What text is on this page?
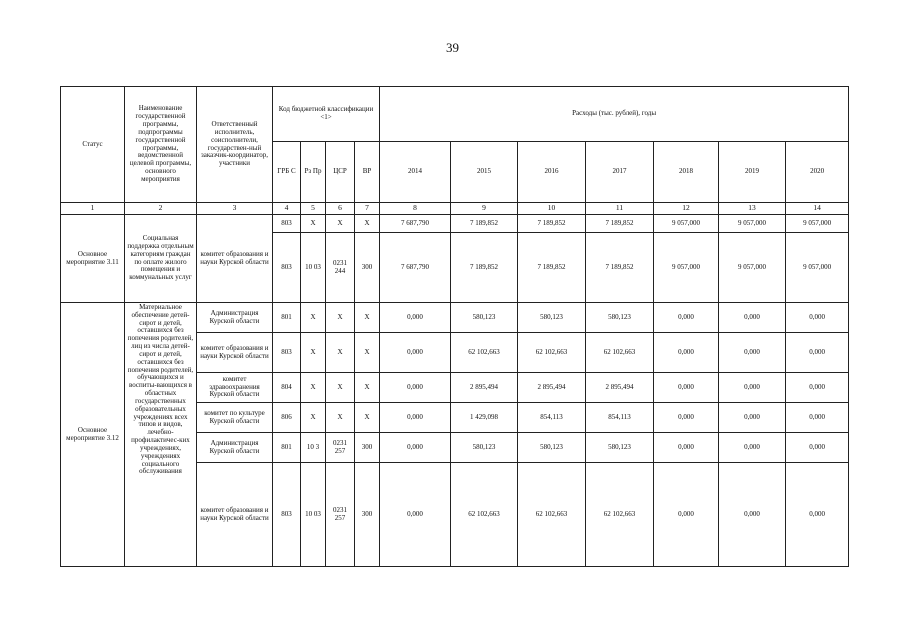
39
Статус	Наименование государственной программы, подпрограммы государственной программы, ведомственной целевой программы, основного мероприятия	Ответственный исполнитель, соисполнители, государствен-ный заказчик-координатор, участники	Код бюджетной классификации <1>				Расходы (тыс. рублей), годы						
			ГРБ С	Рз Пр	ЦСР	ВР	2014	2015	2016	2017	2018	2019	2020
1	2	3	4	5	6	7	8	9	10	11	12	13	14
Основное мероприятие 3.11	Социальная поддержка отдельным категориям граждан по оплате жилого помещения и коммунальных услуг	комитет образования и науки Курской области	803	X	X	X	7 687,790	7 189,852	7 189,852	7 189,852	9 057,000	9 057,000	9 057,000
			803	10 03	0231 244	300	7 687,790	7 189,852	7 189,852	7 189,852	9 057,000	9 057,000	9 057,000
Основное мероприятие 3.12	Материальное обеспечение детей-сирот и детей, оставшихся без попечения родителей, лиц из числа детей-сирот и детей, оставшихся без попечения родителей, обучающихся и воспиты-вающихся в областных государственных образовательных учреждениях всех типов и видов, лечебно-профилактичес-ких учреждениях, учреждениях социального обслуживания	Администрация Курской области	801	X	X	X	0,000	580,123	580,123	580,123	0,000	0,000	0,000
		комитет образования и науки Курской области	803	X	X	X	0,000	62 102,663	62 102,663	62 102,663	0,000	0,000	0,000
		комитет здравоохранения Курской области	804	X	X	X	0,000	2 895,494	2 895,494	2 895,494	0,000	0,000	0,000
		комитет по культуре Курской области	806	X	X	X	0,000	1 429,098	854,113	854,113	0,000	0,000	0,000
		Администрация Курской области	801	10 3	0231 257	300	0,000	580,123	580,123	580,123	0,000	0,000	0,000
		комитет образования и науки Курской области	803	10 03	0231 257	300	0,000	62 102,663	62 102,663	62 102,663	0,000	0,000	0,000
